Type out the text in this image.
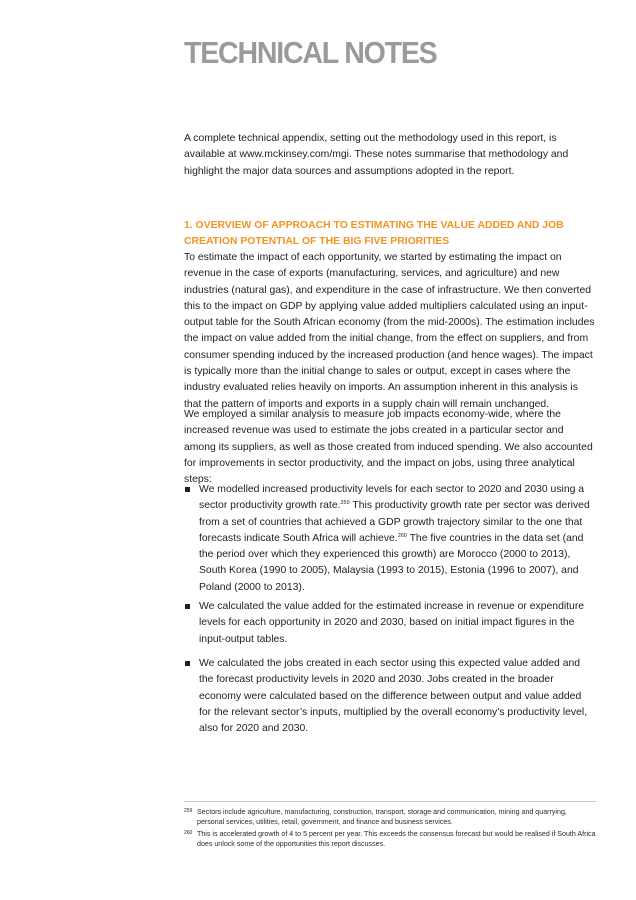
TECHNICAL NOTES

A complete technical appendix, setting out the methodology used in this report, is available at www.mckinsey.com/mgi. These notes summarise that methodology and highlight the major data sources and assumptions adopted in the report.

1. OVERVIEW OF APPROACH TO ESTIMATING THE VALUE ADDED AND JOB CREATION POTENTIAL OF THE BIG FIVE PRIORITIES

To estimate the impact of each opportunity, we started by estimating the impact on revenue in the case of exports (manufacturing, services, and agriculture) and new industries (natural gas), and expenditure in the case of infrastructure. We then converted this to the impact on GDP by applying value added multipliers calculated using an input-output table for the South African economy (from the mid-2000s). The estimation includes the impact on value added from the initial change, from the effect on suppliers, and from consumer spending induced by the increased production (and hence wages). The impact is typically more than the initial change to sales or output, except in cases where the industry evaluated relies heavily on imports. An assumption inherent in this analysis is that the pattern of imports and exports in a supply chain will remain unchanged.

We employed a similar analysis to measure job impacts economy-wide, where the increased revenue was used to estimate the jobs created in a particular sector and among its suppliers, as well as those created from induced spending. We also accounted for improvements in sector productivity, and the impact on jobs, using three analytical steps:

We modelled increased productivity levels for each sector to 2020 and 2030 using a sector productivity growth rate.$^{259}$ This productivity growth rate per sector was derived from a set of countries that achieved a GDP growth trajectory similar to the one that forecasts indicate South Africa will achieve.$^{260}$ The five countries in the data set (and the period over which they experienced this growth) are Morocco (2000 to 2013), South Korea (1990 to 2005), Malaysia (1993 to 2015), Estonia (1996 to 2007), and Poland (2000 to 2013).
We calculated the value added for the estimated increase in revenue or expenditure levels for each opportunity in 2020 and 2030, based on initial impact figures in the input-output tables.
We calculated the jobs created in each sector using this expected value added and the forecast productivity levels in 2020 and 2030. Jobs created in the broader economy were calculated based on the difference between output and value added for the relevant sector’s inputs, multiplied by the overall economy’s productivity level, also for 2020 and 2030.
259 Sectors include agriculture, manufacturing, construction, transport, storage and communication, mining and quarrying, personal services, utilities, retail, government, and finance and business services.
260 This is accelerated growth of 4 to 5 percent per year. This exceeds the consensus forecast but would be realised if South Africa does unlock some of the opportunities this report discusses.
